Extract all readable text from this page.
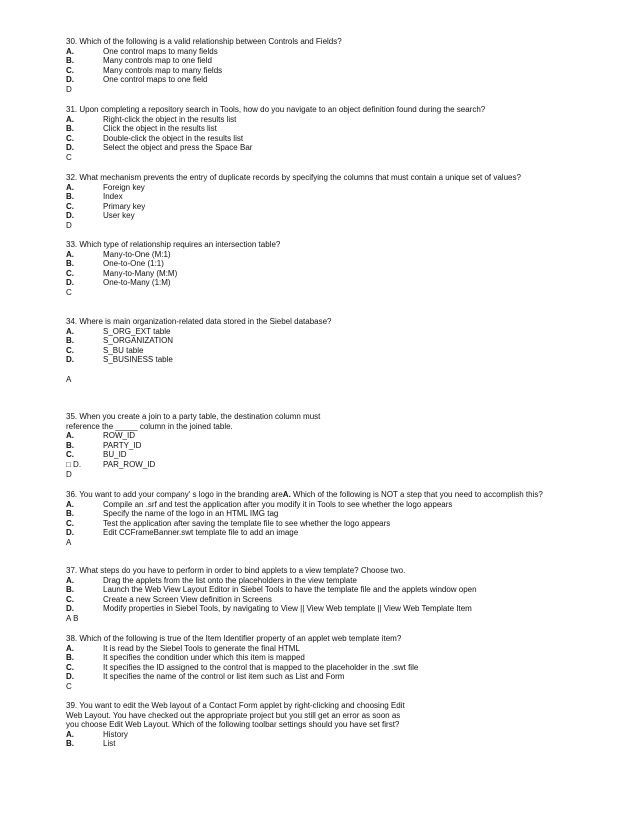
30. Which of the following is a valid relationship between Controls and Fields?
A.	One control maps to many fields
B.	Many controls map to one field
C.	Many controls map to many fields
D.	One control maps to one field
D
31. Upon completing a repository search in Tools, how do you navigate to an object definition found during the search?
A.	Right-click the object in the results list
B.	Click the object in the results list
C.	Double-click the object in the results list
D.	Select the object and press the Space Bar
C
32. What mechanism prevents the entry of duplicate records by specifying the columns that must contain a unique set of values?
A.	Foreign key
B.	Index
C.	Primary key
D.	User key
D
33. Which type of relationship requires an intersection table?
A.	Many-to-One (M:1)
B.	One-to-One (1:1)
C.	Many-to-Many (M:M)
D.	One-to-Many (1:M)
C
34. Where is main organization-related data stored in the Siebel database?
A.	S_ORG_EXT table
B.	S_ORGANIZATION
C.	S_BU table
D.	S_BUSINESS table
A
35. When you create a join to a party table, the destination column must reference the _____ column in the joined table.
A.	ROW_ID
B.	PARTY_ID
C.	BU_ID
□ D.	PAR_ROW_ID
D
36. You want to add your company' s logo in the branding areA. Which of the following is NOT a step that you need to accomplish this?
A.	Compile an .srf and test the application after you modify it in Tools to see whether the logo appears
B.	Specify the name of the logo in an HTML IMG tag
C.	Test the application after saving the template file to see whether the logo appears
D.	Edit CCFrameBanner.swt template file to add an image
A
37. What steps do you have to perform in order to bind applets to a view template? Choose two.
A.	Drag the applets from the list onto the placeholders in the view template
B.	Launch the Web View Layout Editor in Siebel Tools to have the template file and the applets window open
C.	Create a new Screen View definition in Screens
D.	Modify properties in Siebel Tools, by navigating to View || View Web template || View Web Template Item
A B
38. Which of the following is true of the Item Identifier property of an applet web template item?
A.	It is read by the Siebel Tools to generate the final HTML
B.	It specifies the condition under which this item is mapped
C.	It specifies the ID assigned to the control that is mapped to the placeholder in the .swt file
D.	It specifies the name of the control or list item such as List and Form
C
39. You want to edit the Web layout of a Contact Form applet by right-clicking and choosing Edit Web Layout. You have checked out the appropriate project but you still get an error as soon as you choose Edit Web Layout. Which of the following toolbar settings should you have set first?
A.	History
B.	List
